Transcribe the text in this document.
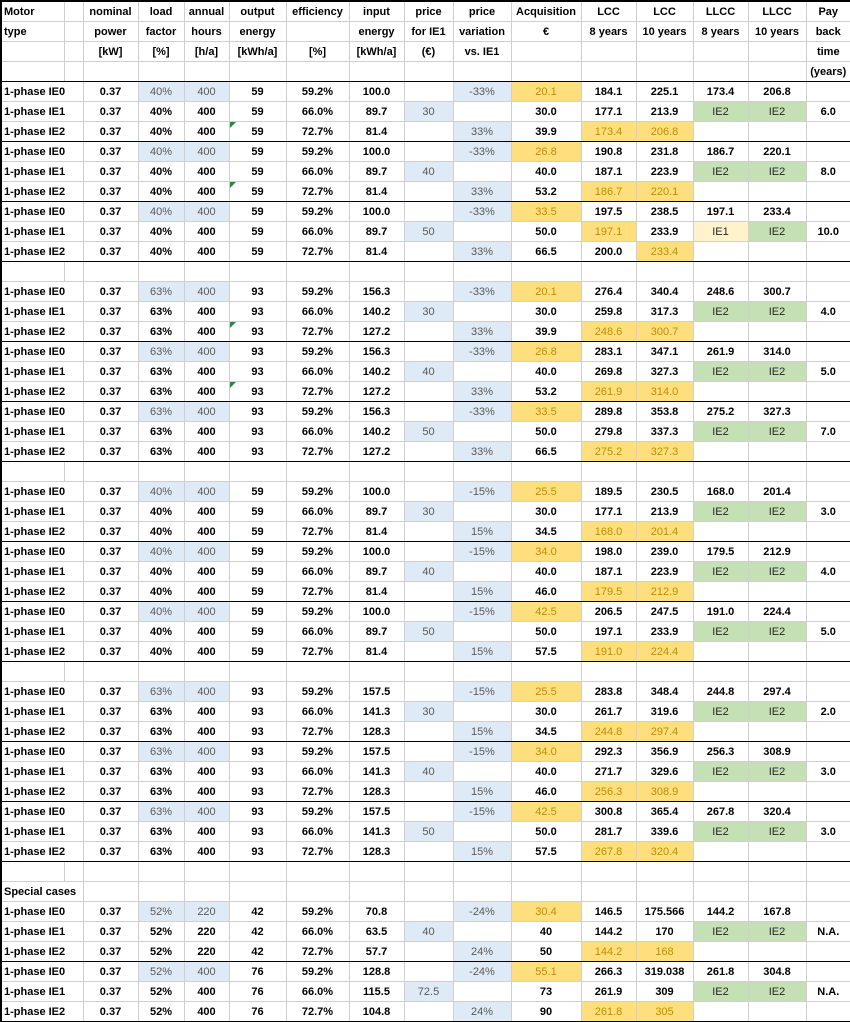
Motor		nominal	load	annual	output	efficiency	input	price	price	Acquisition	LCC	LCC	LLCC	LLCC	Pay
type		power	factor	hours	energy		energy	for IE1	variation	€	8 years	10 years	8 years	10 years	back
		[kW]	[%]	[h/a]	[kWh/a]	[%]	[kWh/a]	(€)	vs. IE1						time
															(years)
1-phase IE0		0.37	40%	400	59	59.2%	100.0		-33%	20.1	184.1	225.1	173.4	206.8	
1-phase IE1		0.37	40%	400	59	66.0%	89.7	30		30.0	177.1	213.9	IE2	IE2	6.0
1-phase IE2		0.37	40%	400	59	72.7%	81.4		33%	39.9	173.4	206.8			
1-phase IE0		0.37	40%	400	59	59.2%	100.0		-33%	26.8	190.8	231.8	186.7	220.1	
1-phase IE1		0.37	40%	400	59	66.0%	89.7	40		40.0	187.1	223.9	IE2	IE2	8.0
1-phase IE2		0.37	40%	400	59	72.7%	81.4		33%	53.2	186.7	220.1			
1-phase IE0		0.37	40%	400	59	59.2%	100.0		-33%	33.5	197.5	238.5	197.1	233.4	
1-phase IE1		0.37	40%	400	59	66.0%	89.7	50		50.0	197.1	233.9	IE1	IE2	10.0
1-phase IE2		0.37	40%	400	59	72.7%	81.4		33%	66.5	200.0	233.4			

1-phase IE0		0.37	63%	400	93	59.2%	156.3		-33%	20.1	276.4	340.4	248.6	300.7	
1-phase IE1		0.37	63%	400	93	66.0%	140.2	30		30.0	259.8	317.3	IE2	IE2	4.0
1-phase IE2		0.37	63%	400	93	72.7%	127.2		33%	39.9	248.6	300.7			
1-phase IE0		0.37	63%	400	93	59.2%	156.3		-33%	26.8	283.1	347.1	261.9	314.0	
1-phase IE1		0.37	63%	400	93	66.0%	140.2	40		40.0	269.8	327.3	IE2	IE2	5.0
1-phase IE2		0.37	63%	400	93	72.7%	127.2		33%	53.2	261.9	314.0			
1-phase IE0		0.37	63%	400	93	59.2%	156.3		-33%	33.5	289.8	353.8	275.2	327.3	
1-phase IE1		0.37	63%	400	93	66.0%	140.2	50		50.0	279.8	337.3	IE2	IE2	7.0
1-phase IE2		0.37	63%	400	93	72.7%	127.2		33%	66.5	275.2	327.3			

1-phase IE0		0.37	40%	400	59	59.2%	100.0		-15%	25.5	189.5	230.5	168.0	201.4	
1-phase IE1		0.37	40%	400	59	66.0%	89.7	30		30.0	177.1	213.9	IE2	IE2	3.0
1-phase IE2		0.37	40%	400	59	72.7%	81.4		15%	34.5	168.0	201.4			
1-phase IE0		0.37	40%	400	59	59.2%	100.0		-15%	34.0	198.0	239.0	179.5	212.9	
1-phase IE1		0.37	40%	400	59	66.0%	89.7	40		40.0	187.1	223.9	IE2	IE2	4.0
1-phase IE2		0.37	40%	400	59	72.7%	81.4		15%	46.0	179.5	212.9			
1-phase IE0		0.37	40%	400	59	59.2%	100.0		-15%	42.5	206.5	247.5	191.0	224.4	
1-phase IE1		0.37	40%	400	59	66.0%	89.7	50		50.0	197.1	233.9	IE2	IE2	5.0
1-phase IE2		0.37	40%	400	59	72.7%	81.4		15%	57.5	191.0	224.4			

1-phase IE0		0.37	63%	400	93	59.2%	157.5		-15%	25.5	283.8	348.4	244.8	297.4	
1-phase IE1		0.37	63%	400	93	66.0%	141.3	30		30.0	261.7	319.6	IE2	IE2	2.0
1-phase IE2		0.37	63%	400	93	72.7%	128.3		15%	34.5	244.8	297.4			
1-phase IE0		0.37	63%	400	93	59.2%	157.5		-15%	34.0	292.3	356.9	256.3	308.9	
1-phase IE1		0.37	63%	400	93	66.0%	141.3	40		40.0	271.7	329.6	IE2	IE2	3.0
1-phase IE2		0.37	63%	400	93	72.7%	128.3		15%	46.0	256.3	308.9			
1-phase IE0		0.37	63%	400	93	59.2%	157.5		-15%	42.5	300.8	365.4	267.8	320.4	
1-phase IE1		0.37	63%	400	93	66.0%	141.3	50		50.0	281.7	339.6	IE2	IE2	3.0
1-phase IE2		0.37	63%	400	93	72.7%	128.3		15%	57.5	267.8	320.4			

Special cases															
1-phase IE0		0.37	52%	220	42	59.2%	70.8		-24%	30.4	146.5	175.566	144.2	167.8	
1-phase IE1		0.37	52%	220	42	66.0%	63.5	40		40	144.2	170	IE2	IE2	N.A.
1-phase IE2		0.37	52%	220	42	72.7%	57.7		24%	50	144.2	168			
1-phase IE0		0.37	52%	400	76	59.2%	128.8		-24%	55.1	266.3	319.038	261.8	304.8	
1-phase IE1		0.37	52%	400	76	66.0%	115.5	72.5		73	261.9	309	IE2	IE2	N.A.
1-phase IE2		0.37	52%	400	76	72.7%	104.8		24%	90	261.8	305			
